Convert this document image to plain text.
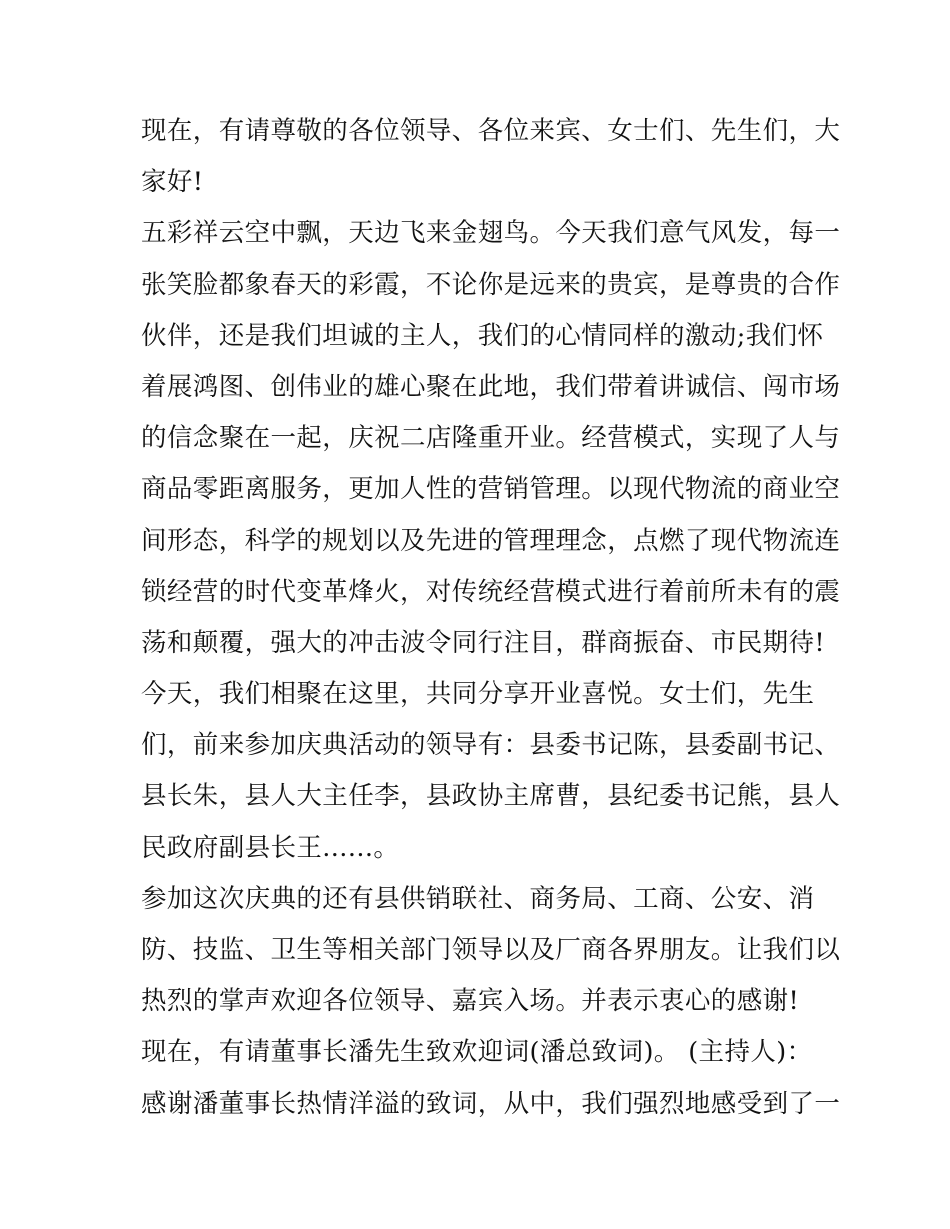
现在，有请尊敬的各位领导、各位来宾、女士们、先生们，大
家好!
五彩祥云空中飘，天边飞来金翅鸟。今天我们意气风发，每一
张笑脸都象春天的彩霞，不论你是远来的贵宾，是尊贵的合作
伙伴，还是我们坦诚的主人，我们的心情同样的激动;我们怀
着展鸿图、创伟业的雄心聚在此地，我们带着讲诚信、闯市场
的信念聚在一起，庆祝二店隆重开业。经营模式，实现了人与
商品零距离服务，更加人性的营销管理。以现代物流的商业空
间形态，科学的规划以及先进的管理理念，点燃了现代物流连
锁经营的时代变革烽火，对传统经营模式进行着前所未有的震
荡和颠覆，强大的冲击波令同行注目，群商振奋、市民期待!
今天，我们相聚在这里，共同分享开业喜悦。女士们，先生
们，前来参加庆典活动的领导有：县委书记陈，县委副书记、
县长朱，县人大主任李，县政协主席曹，县纪委书记熊，县人
民政府副县长王......。
参加这次庆典的还有县供销联社、商务局、工商、公安、消
防、技监、卫生等相关部门领导以及厂商各界朋友。让我们以
热烈的掌声欢迎各位领导、嘉宾入场。并表示衷心的感谢!
现在，有请董事长潘先生致欢迎词(潘总致词)。 (主持人)：
感谢潘董事长热情洋溢的致词，从中，我们强烈地感受到了一
